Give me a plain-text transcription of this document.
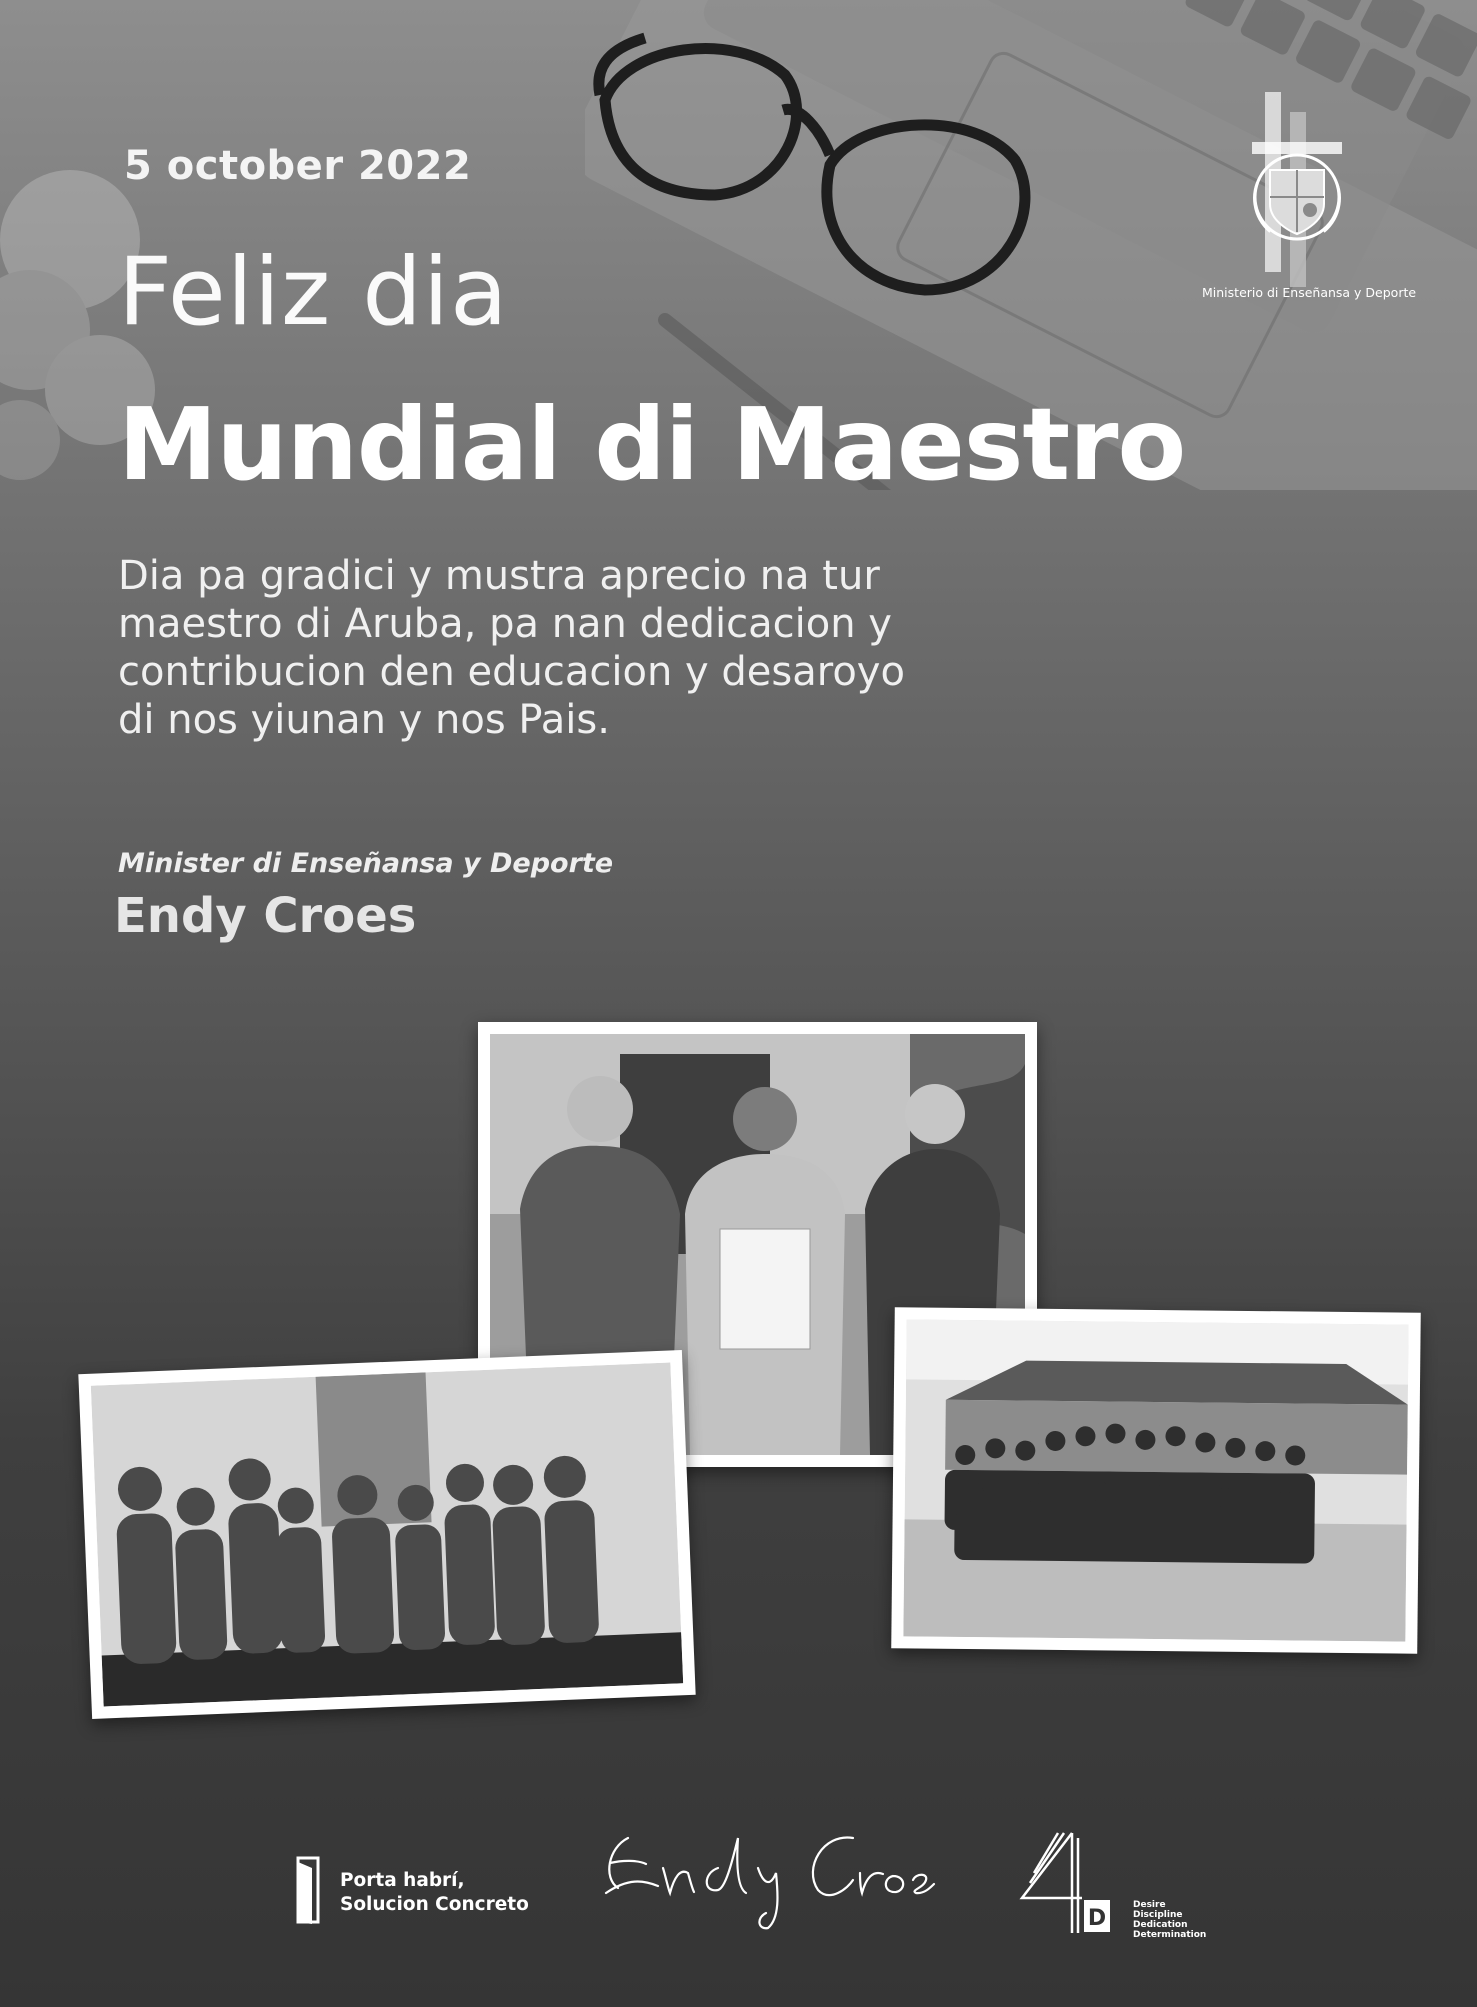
5 october 2022
Feliz dia
Mundial di Maestro

Dia pa gradici y mustra aprecio na tur
maestro di Aruba, pa nan dedicacion y
contribucion den educacion y desaroyo
di nos yiunan y nos Pais.

Minister di Enseñansa y Deporte
Endy Croes
Ministerio di Enseñansa y Deporte
Porta habrí,
Solucion Concreto
D
Desire
Discipline
Dedication
Determination
